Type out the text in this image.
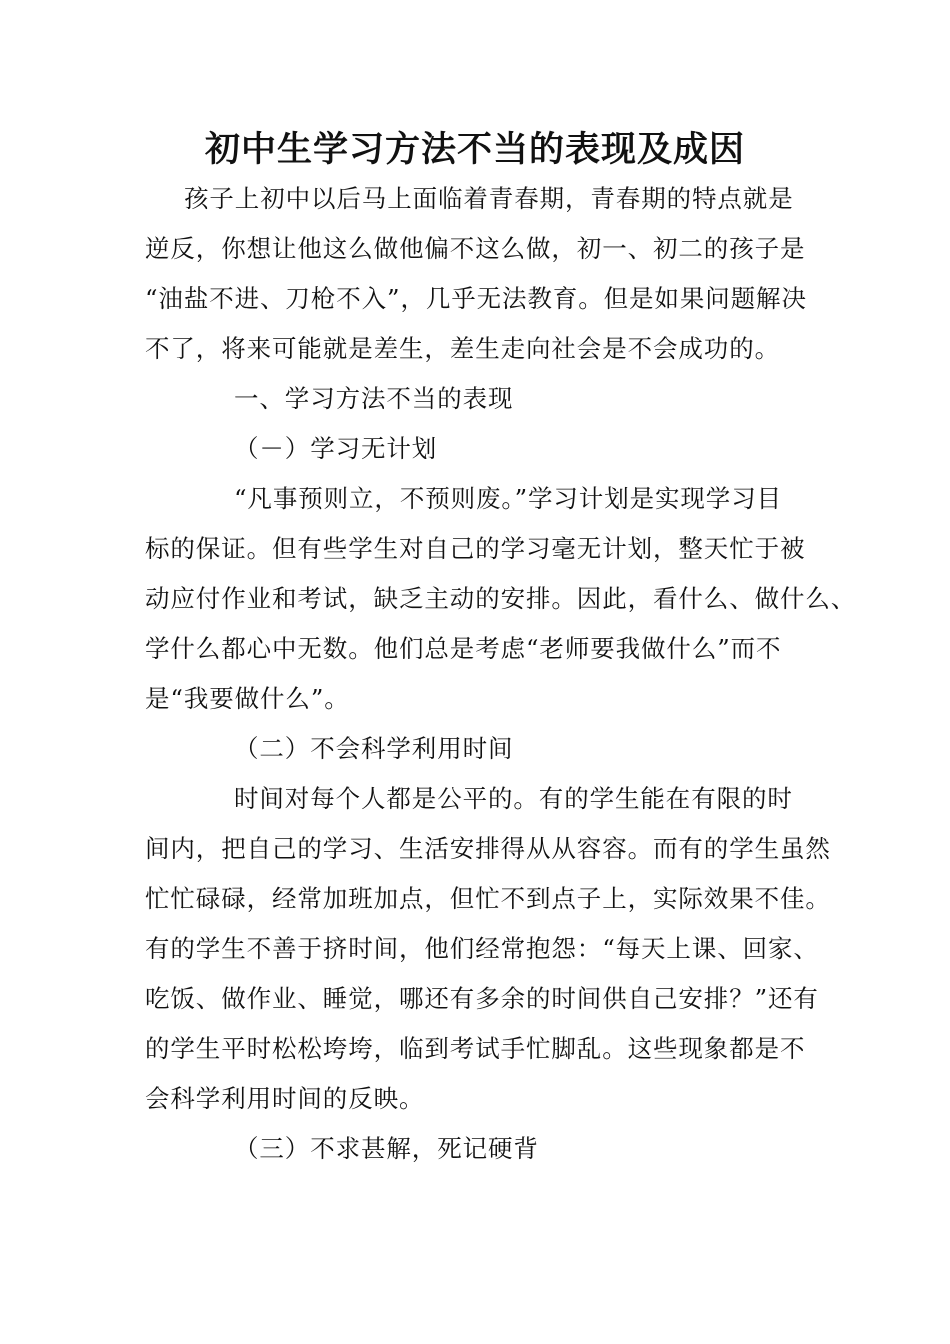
初中生学习方法不当的表现及成因
孩子上初中以后马上面临着青春期，青春期的特点就是
逆反，你想让他这么做他偏不这么做，初一、初二的孩子是
“油盐不进、刀枪不入”，几乎无法教育。但是如果问题解决
不了，将来可能就是差生，差生走向社会是不会成功的。
一、学习方法不当的表现
（－）学习无计划
“凡事预则立，不预则废。”学习计划是实现学习目
标的保证。但有些学生对自己的学习毫无计划，整天忙于被
动应付作业和考试，缺乏主动的安排。因此，看什么、做什么、
学什么都心中无数。他们总是考虑“老师要我做什么”而不
是“我要做什么”。
（二）不会科学利用时间
时间对每个人都是公平的。有的学生能在有限的时
间内，把自己的学习、生活安排得从从容容。而有的学生虽然
忙忙碌碌，经常加班加点，但忙不到点子上，实际效果不佳。
有的学生不善于挤时间，他们经常抱怨：“每天上课、回家、
吃饭、做作业、睡觉，哪还有多余的时间供自己安排？”还有
的学生平时松松垮垮，临到考试手忙脚乱。这些现象都是不
会科学利用时间的反映。
（三）不求甚解，死记硬背
